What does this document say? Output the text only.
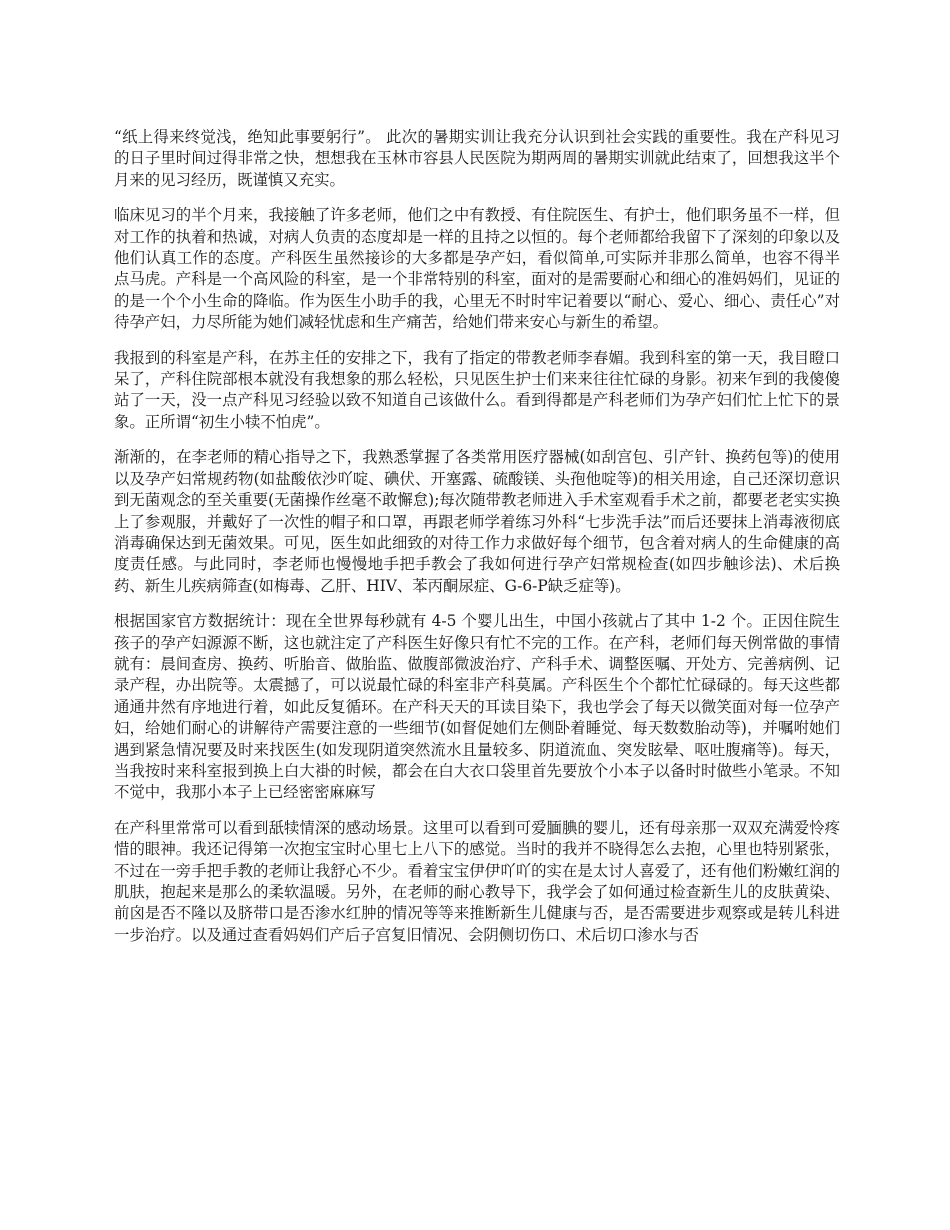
“纸上得来终觉浅，绝知此事要躬行”。 此次的暑期实训让我充分认识到社会实践的重要性。我在产科见习的日子里时间过得非常之快，想想我在玉林市容县人民医院为期两周的暑期实训就此结束了，回想我这半个月来的见习经历，既谨慎又充实。

临床见习的半个月来，我接触了许多老师，他们之中有教授、有住院医生、有护士，他们职务虽不一样，但对工作的执着和热诚，对病人负责的态度却是一样的且持之以恒的。每个老师都给我留下了深刻的印象以及他们认真工作的态度。产科医生虽然接诊的大多都是孕产妇，看似简单,可实际并非那么简单，也容不得半点马虎。产科是一个高风险的科室，是一个非常特别的科室，面对的是需要耐心和细心的准妈妈们，见证的的是一个个小生命的降临。作为医生小助手的我，心里无不时时牢记着要以“耐心、爱心、细心、责任心”对待孕产妇，力尽所能为她们减轻忧虑和生产痛苦，给她们带来安心与新生的希望。

我报到的科室是产科，在苏主任的安排之下，我有了指定的带教老师李春媚。我到科室的第一天，我目瞪口呆了，产科住院部根本就没有我想象的那么轻松，只见医生护士们来来往往忙碌的身影。初来乍到的我傻傻站了一天，没一点产科见习经验以致不知道自己该做什么。看到得都是产科老师们为孕产妇们忙上忙下的景象。正所谓“初生小犊不怕虎”。

渐渐的，在李老师的精心指导之下，我熟悉掌握了各类常用医疗器械(如刮宫包、引产针、换药包等)的使用以及孕产妇常规药物(如盐酸依沙吖啶、碘伏、开塞露、硫酸镁、头孢他啶等)的相关用途，自己还深切意识到无菌观念的至关重要(无菌操作丝毫不敢懈怠);每次随带教老师进入手术室观看手术之前，都要老老实实换上了参观服，并戴好了一次性的帽子和口罩，再跟老师学着练习外科“七步洗手法”而后还要抹上消毒液彻底消毒确保达到无菌效果。可见，医生如此细致的对待工作力求做好每个细节，包含着对病人的生命健康的高度责任感。与此同时，李老师也慢慢地手把手教会了我如何进行孕产妇常规检查(如四步触诊法)、术后换药、新生儿疾病筛查(如梅毒、乙肝、HIV、苯丙酮尿症、G-6-P缺乏症等)。

根据国家官方数据统计：现在全世界每秒就有 4-5 个婴儿出生，中国小孩就占了其中 1-2 个。正因住院生孩子的孕产妇源源不断，这也就注定了产科医生好像只有忙不完的工作。在产科，老师们每天例常做的事情就有：晨间查房、换药、听胎音、做胎监、做腹部微波治疗、产科手术、调整医嘱、开处方、完善病例、记录产程，办出院等。太震撼了，可以说最忙碌的科室非产科莫属。产科医生个个都忙忙碌碌的。每天这些都通通井然有序地进行着，如此反复循环。在产科天天的耳读目染下，我也学会了每天以微笑面对每一位孕产妇，给她们耐心的讲解待产需要注意的一些细节(如督促她们左侧卧着睡觉、每天数数胎动等)，并嘱咐她们遇到紧急情况要及时来找医生(如发现阴道突然流水且量较多、阴道流血、突发眩晕、呕吐腹痛等)。每天，当我按时来科室报到换上白大褂的时候，都会在白大衣口袋里首先要放个小本子以备时时做些小笔录。不知不觉中，我那小本子上已经密密麻麻写

在产科里常常可以看到舐犊情深的感动场景。这里可以看到可爱腼腆的婴儿，还有母亲那一双双充满爱怜疼惜的眼神。我还记得第一次抱宝宝时心里七上八下的感觉。当时的我并不晓得怎么去抱，心里也特别紧张，不过在一旁手把手教的老师让我舒心不少。看着宝宝伊伊吖吖的实在是太讨人喜爱了，还有他们粉嫩红润的肌肤，抱起来是那么的柔软温暖。另外，在老师的耐心教导下，我学会了如何通过检查新生儿的皮肤黄染、前囟是否不隆以及脐带口是否渗水红肿的情况等等来推断新生儿健康与否，是否需要进步观察或是转儿科进一步治疗。以及通过查看妈妈们产后子宫复旧情况、会阴侧切伤口、术后切口渗水与否
